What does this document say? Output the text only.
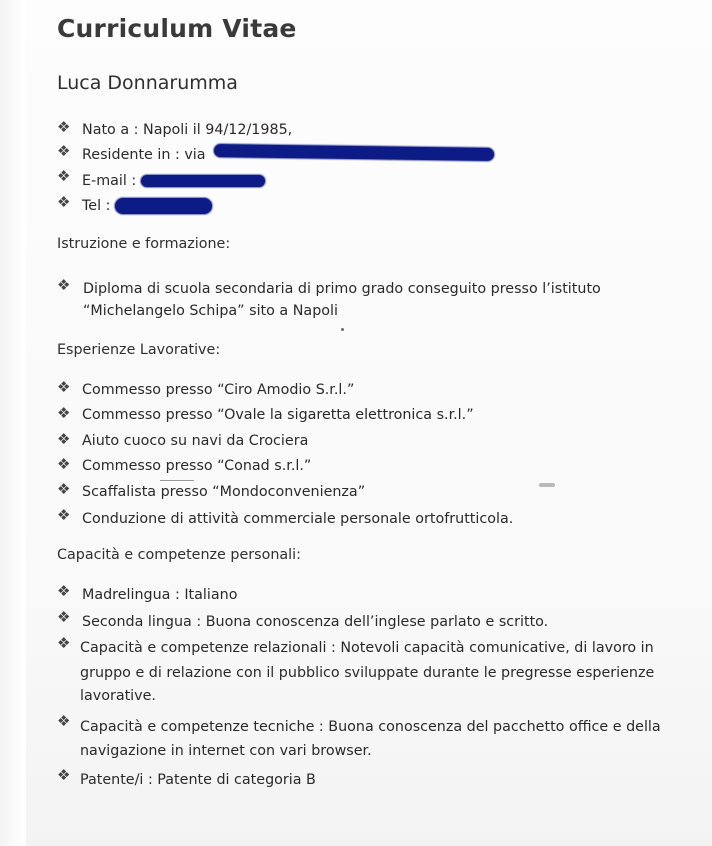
Curriculum Vitae
Luca Donnarumma
❖ Nato a : Napoli il 94/12/1985,
❖ Residente in : via
❖ E-mail :
❖ Tel :
Istruzione e formazione:
❖ Diploma di scuola secondaria di primo grado conseguito presso l’istituto
“Michelangelo Schipa” sito a Napoli
Esperienze Lavorative:
❖ Commesso presso “Ciro Amodio S.r.l.”
❖ Commesso presso “Ovale la sigaretta elettronica s.r.l.”
❖ Aiuto cuoco su navi da Crociera
❖ Commesso presso “Conad s.r.l.”
❖ Scaffalista presso “Mondoconvenienza”
❖ Conduzione di attività commerciale personale ortofrutticola.
Capacità e competenze personali:
❖ Madrelingua : Italiano
❖ Seconda lingua : Buona conoscenza dell’inglese parlato e scritto.
❖ Capacità e competenze relazionali : Notevoli capacità comunicative, di lavoro in
gruppo e di relazione con il pubblico sviluppate durante le pregresse esperienze
lavorative.
❖ Capacità e competenze tecniche : Buona conoscenza del pacchetto office e della
navigazione in internet con vari browser.
❖ Patente/i : Patente di categoria B
